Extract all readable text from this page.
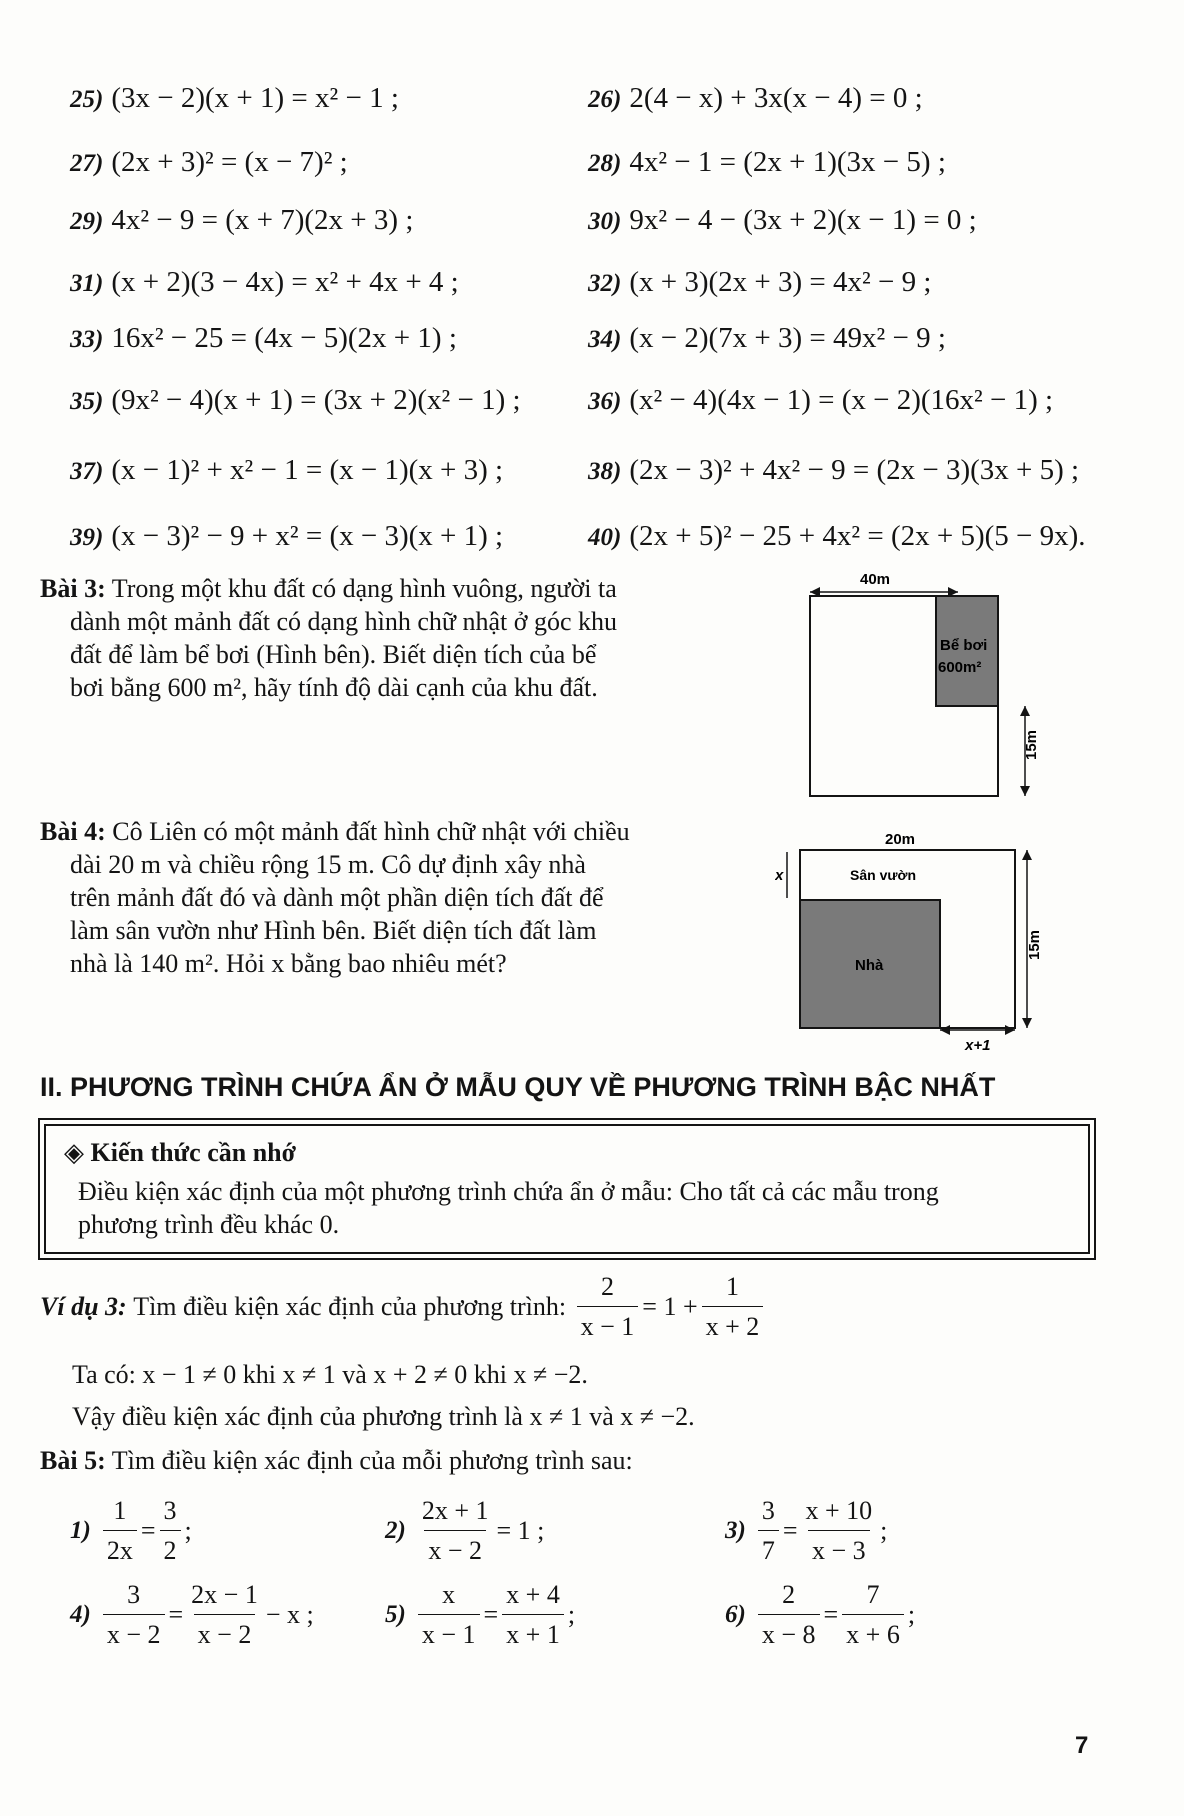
25) (3x − 2)(x + 1) = x² − 1 ;	26) 2(4 − x) + 3x(x − 4) = 0 ;
27) (2x + 3)² = (x − 7)² ;	28) 4x² − 1 = (2x + 1)(3x − 5) ;
29) 4x² − 9 = (x + 7)(2x + 3) ;	30) 9x² − 4 − (3x + 2)(x − 1) = 0 ;
31) (x + 2)(3 − 4x) = x² + 4x + 4 ;	32) (x + 3)(2x + 3) = 4x² − 9 ;
33) 16x² − 25 = (4x − 5)(2x + 1) ;	34) (x − 2)(7x + 3) = 49x² − 9 ;
35) (9x² − 4)(x + 1) = (3x + 2)(x² − 1) ;	36) (x² − 4)(4x − 1) = (x − 2)(16x² − 1) ;
37) (x − 1)² + x² − 1 = (x − 1)(x + 3) ;	38) (2x − 3)² + 4x² − 9 = (2x − 3)(3x + 5) ;
39) (x − 3)² − 9 + x² = (x − 3)(x + 1) ;	40) (2x + 5)² − 25 + 4x² = (2x + 5)(5 − 9x).
Bài 3: Trong một khu đất có dạng hình vuông, người ta
dành một mảnh đất có dạng hình chữ nhật ở góc khu
đất để làm bể bơi (Hình bên). Biết diện tích của bể
bơi bằng 600 m², hãy tính độ dài cạnh của khu đất.
40m
Bể bơi
600m²
15m
Bài 4: Cô Liên có một mảnh đất hình chữ nhật với chiều
dài 20 m và chiều rộng 15 m. Cô dự định xây nhà
trên mảnh đất đó và dành một phần diện tích đất để
làm sân vườn như Hình bên. Biết diện tích đất làm
nhà là 140 m². Hỏi x bằng bao nhiêu mét?
20m
x	Sân vườn
Nhà
15m
x+1
II. PHƯƠNG TRÌNH CHỨA ẨN Ở MẪU QUY VỀ PHƯƠNG TRÌNH BẬC NHẤT
◈ Kiến thức cần nhớ
Điều kiện xác định của một phương trình chứa ẩn ở mẫu: Cho tất cả các mẫu trong
phương trình đều khác 0.
Ví dụ 3:
Tìm điều kiện xác định của phương trình:
$\frac{2}{x - 1} = 1 + \frac{1}{x + 2}$
Ta có: x − 1 ≠ 0 khi x ≠ 1 và x + 2 ≠ 0 khi x ≠ −2.
Vậy điều kiện xác định của phương trình là x ≠ 1 và x ≠ −2.
Bài 5: Tìm điều kiện xác định của mỗi phương trình sau:
$1) \frac{1}{2x} = \frac{3}{2}$ ;	$2) \frac{2x + 1}{x - 2} = 1$ ;	$3) \frac{3}{7} = \frac{x + 10}{x - 3}$ ;
$4) \frac{3}{x - 2} = \frac{2x - 1}{x - 2} - x$ ;	$5) \frac{x}{x - 1} = \frac{x + 4}{x + 1}$ ;	$6) \frac{2}{x - 8} = \frac{7}{x + 6}$ ;
7
